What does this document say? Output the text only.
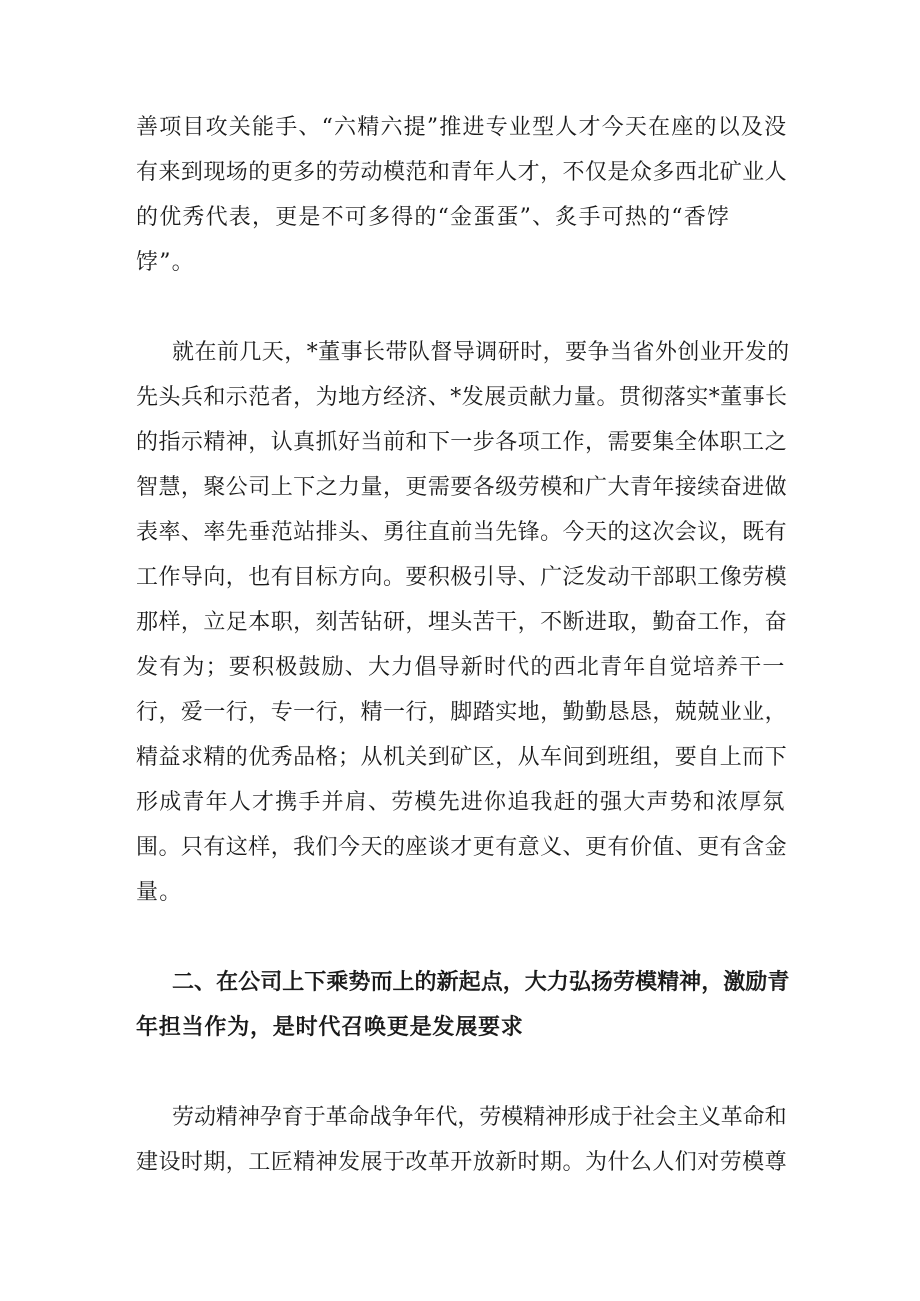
善项目攻关能手、“六精六提”推进专业型人才今天在座的以及没
有来到现场的更多的劳动模范和青年人才，不仅是众多西北矿业人
的优秀代表，更是不可多得的“金蛋蛋”、炙手可热的“香饽
饽”。
就在前几天，*董事长带队督导调研时，要争当省外创业开发的
先头兵和示范者，为地方经济、*发展贡献力量。贯彻落实*董事长
的指示精神，认真抓好当前和下一步各项工作，需要集全体职工之
智慧，聚公司上下之力量，更需要各级劳模和广大青年接续奋进做
表率、率先垂范站排头、勇往直前当先锋。今天的这次会议，既有
工作导向，也有目标方向。要积极引导、广泛发动干部职工像劳模
那样，立足本职，刻苦钻研，埋头苦干，不断进取，勤奋工作，奋
发有为；要积极鼓励、大力倡导新时代的西北青年自觉培养干一
行，爱一行，专一行，精一行，脚踏实地，勤勤恳恳，兢兢业业，
精益求精的优秀品格；从机关到矿区，从车间到班组，要自上而下
形成青年人才携手并肩、劳模先进你追我赶的强大声势和浓厚氛
围。只有这样，我们今天的座谈才更有意义、更有价值、更有含金
量。
二、在公司上下乘势而上的新起点，大力弘扬劳模精神，激励青
年担当作为，是时代召唤更是发展要求
劳动精神孕育于革命战争年代，劳模精神形成于社会主义革命和
建设时期，工匠精神发展于改革开放新时期。为什么人们对劳模尊
